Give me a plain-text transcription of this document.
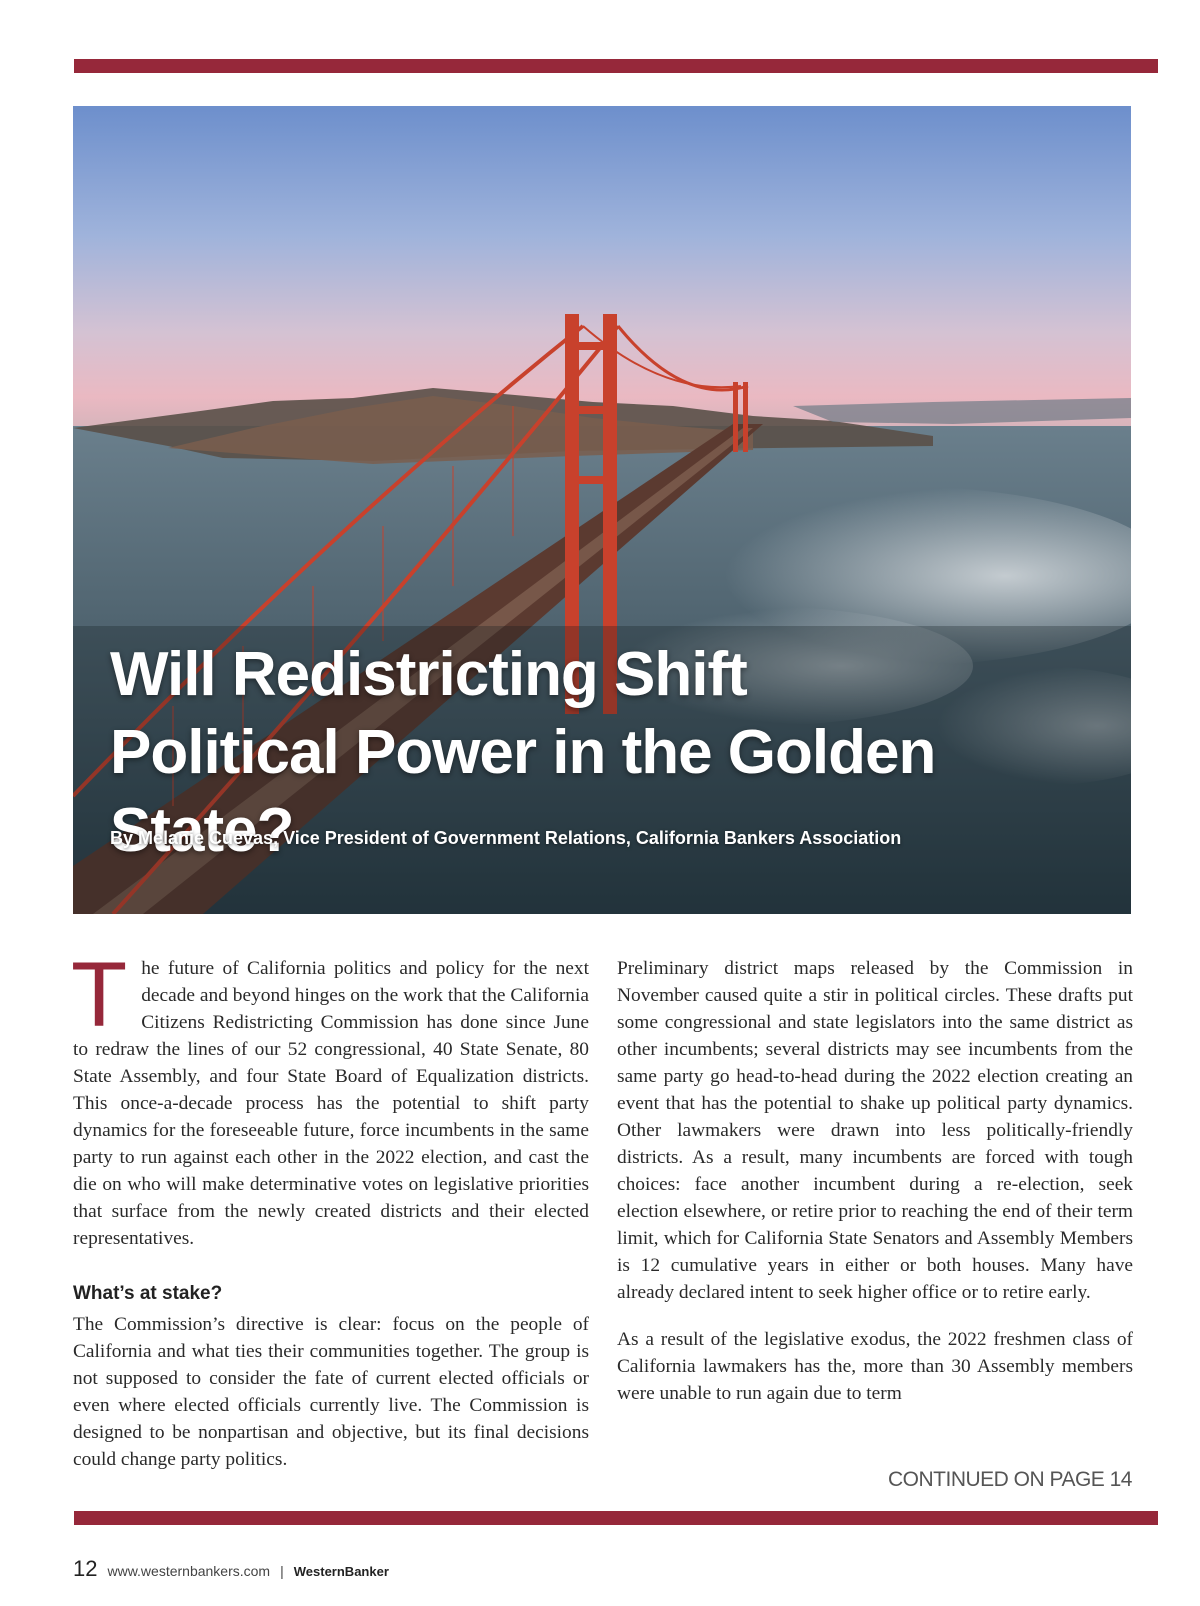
Will Redistricting Shift
Political Power in the Golden State?
By Melanie Cuevas, Vice President of Government Relations, California Bankers Association

T he future of California politics and policy for the next decade and beyond hinges on the work that the California Citizens Redistricting Commission has done since June to redraw the lines of our 52 congressional, 40 State Senate, 80 State Assembly, and four State Board of Equalization districts. This once-a-decade process has the potential to shift party dynamics for the foreseeable future, force incumbents in the same party to run against each other in the 2022 election, and cast the die on who will make determinative votes on legislative priorities that surface from the newly created districts and their elected representatives.

What’s at stake?

The Commission’s directive is clear: focus on the people of California and what ties their communities together. The group is not supposed to consider the fate of current elected officials or even where elected officials currently live. The Commission is designed to be nonpartisan and objective, but its final decisions could change party politics.

Preliminary district maps released by the Commission in November caused quite a stir in political circles. These drafts put some congressional and state legislators into the same district as other incumbents; several districts may see incumbents from the same party go head-to-head during the 2022 election creating an event that has the potential to shake up political party dynamics. Other lawmakers were drawn into less politically-friendly districts. As a result, many incumbents are forced with tough choices: face another incumbent during a re-election, seek election elsewhere, or retire prior to reaching the end of their term limit, which for California State Senators and Assembly Members is 12 cumulative years in either or both houses. Many have already declared intent to seek higher office or to retire early.

As a result of the legislative exodus, the 2022 freshmen class of California lawmakers has the, more than 30 Assembly members were unable to run again due to term

CONTINUED ON PAGE 14
12 www.westernbankers.com | WesternBanker
